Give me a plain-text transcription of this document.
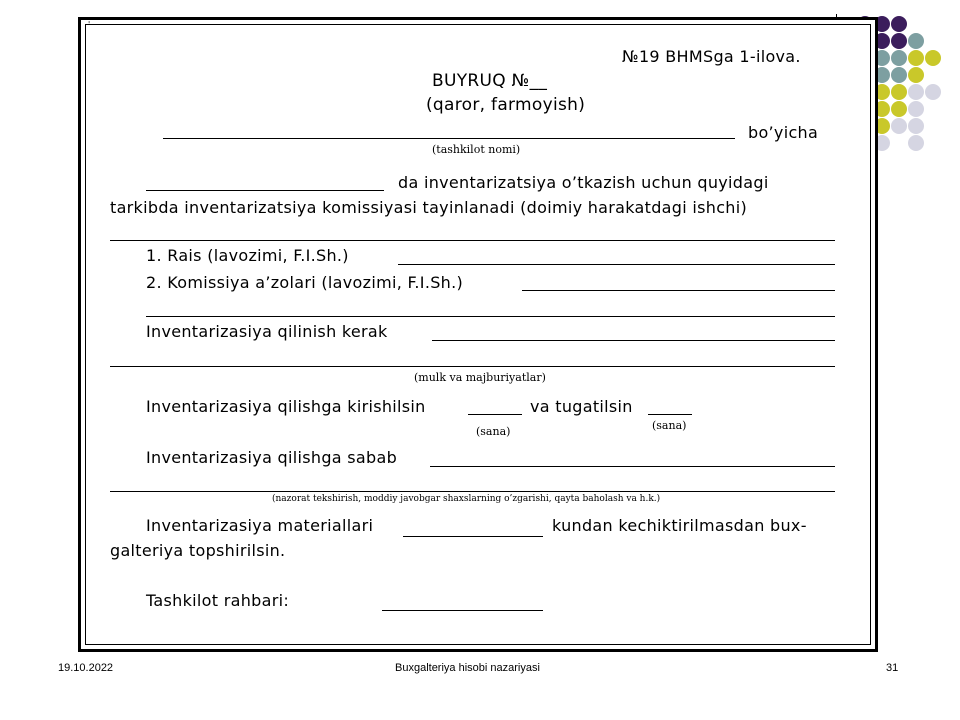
'
№19 BHMSga 1-ilova.
BUYRUQ №__
(qaror, farmoyish)
bo’yicha
(tashkilot nomi)
da inventarizatsiya o’tkazish uchun quyidagi
tarkibda inventarizatsiya komissiyasi tayinlanadi (doimiy harakatdagi ishchi)
1. Rais (lavozimi, F.I.Sh.)
2. Komissiya a’zolari (lavozimi, F.I.Sh.)
Inventarizasiya qilinish kerak
(mulk va majburiyatlar)
Inventarizasiya qilishga kirishilsin	va tugatilsin
(sana)	(sana)
Inventarizasiya qilishga sabab
(nazorat tekshirish, moddiy javobgar shaxslarning o’zgarishi, qayta baholash va h.k.)
Inventarizasiya materiallari	kundan kechiktirilmasdan bux-
galteriya topshirilsin.
Tashkilot rahbari:
19.10.2022	Buxgalteriya hisobi nazariyasi	31
